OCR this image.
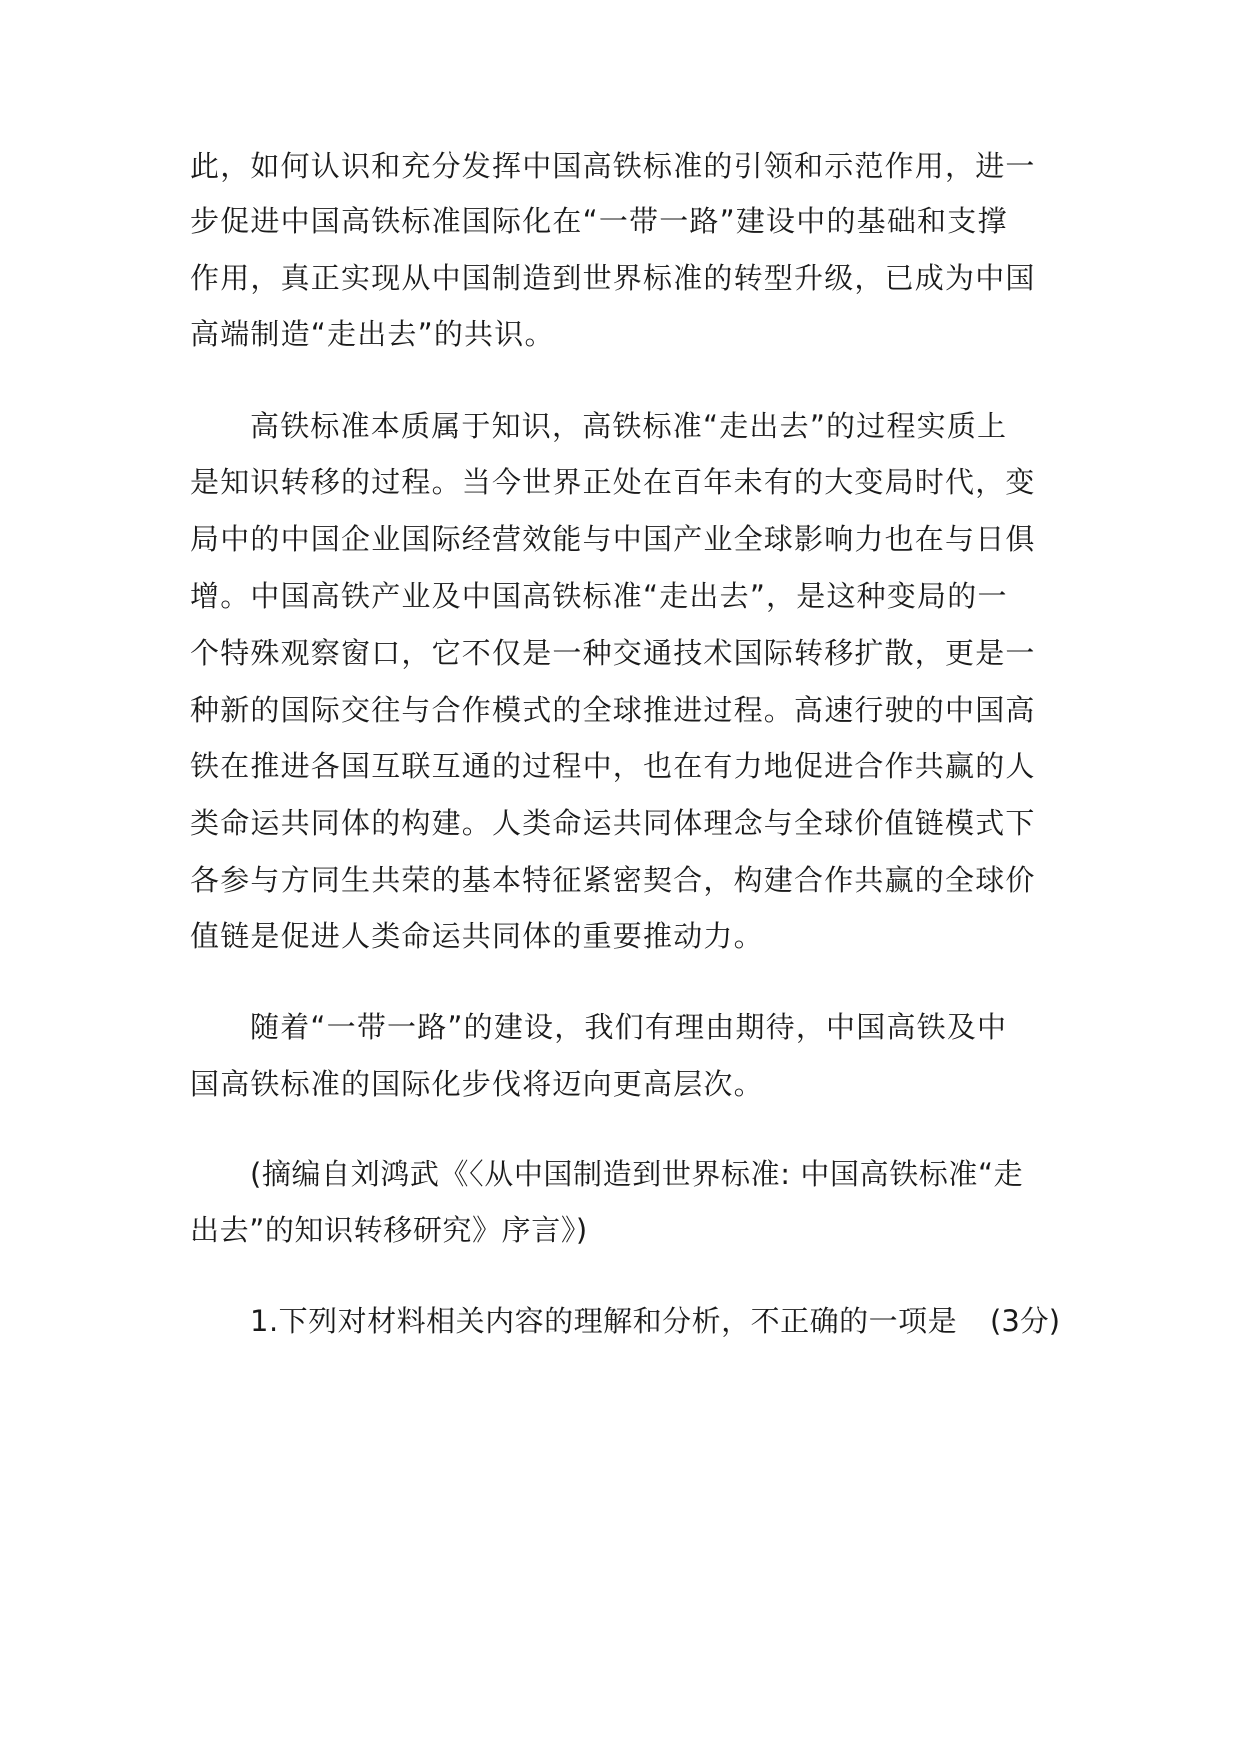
此，如何认识和充分发挥中国高铁标准的引领和示范作用，进一
步促进中国高铁标准国际化在“一带一路”建设中的基础和支撑
作用，真正实现从中国制造到世界标准的转型升级，已成为中国
高端制造“走出去”的共识。
高铁标准本质属于知识，高铁标准“走出去”的过程实质上
是知识转移的过程。当今世界正处在百年未有的大变局时代，变
局中的中国企业国际经营效能与中国产业全球影响力也在与日俱
增。中国高铁产业及中国高铁标准“走出去”，是这种变局的一
个特殊观察窗口，它不仅是一种交通技术国际转移扩散，更是一
种新的国际交往与合作模式的全球推进过程。高速行驶的中国高
铁在推进各国互联互通的过程中，也在有力地促进合作共赢的人
类命运共同体的构建。人类命运共同体理念与全球价值链模式下
各参与方同生共荣的基本特征紧密契合，构建合作共赢的全球价
值链是促进人类命运共同体的重要推动力。
随着“一带一路”的建设，我们有理由期待，中国高铁及中
国高铁标准的国际化步伐将迈向更高层次。
(摘编自刘鸿武《〈从中国制造到世界标准: 中国高铁标准“走
出去”的知识转移研究》序言》)
1.下列对材料相关内容的理解和分析，不正确的一项是 (3分)
